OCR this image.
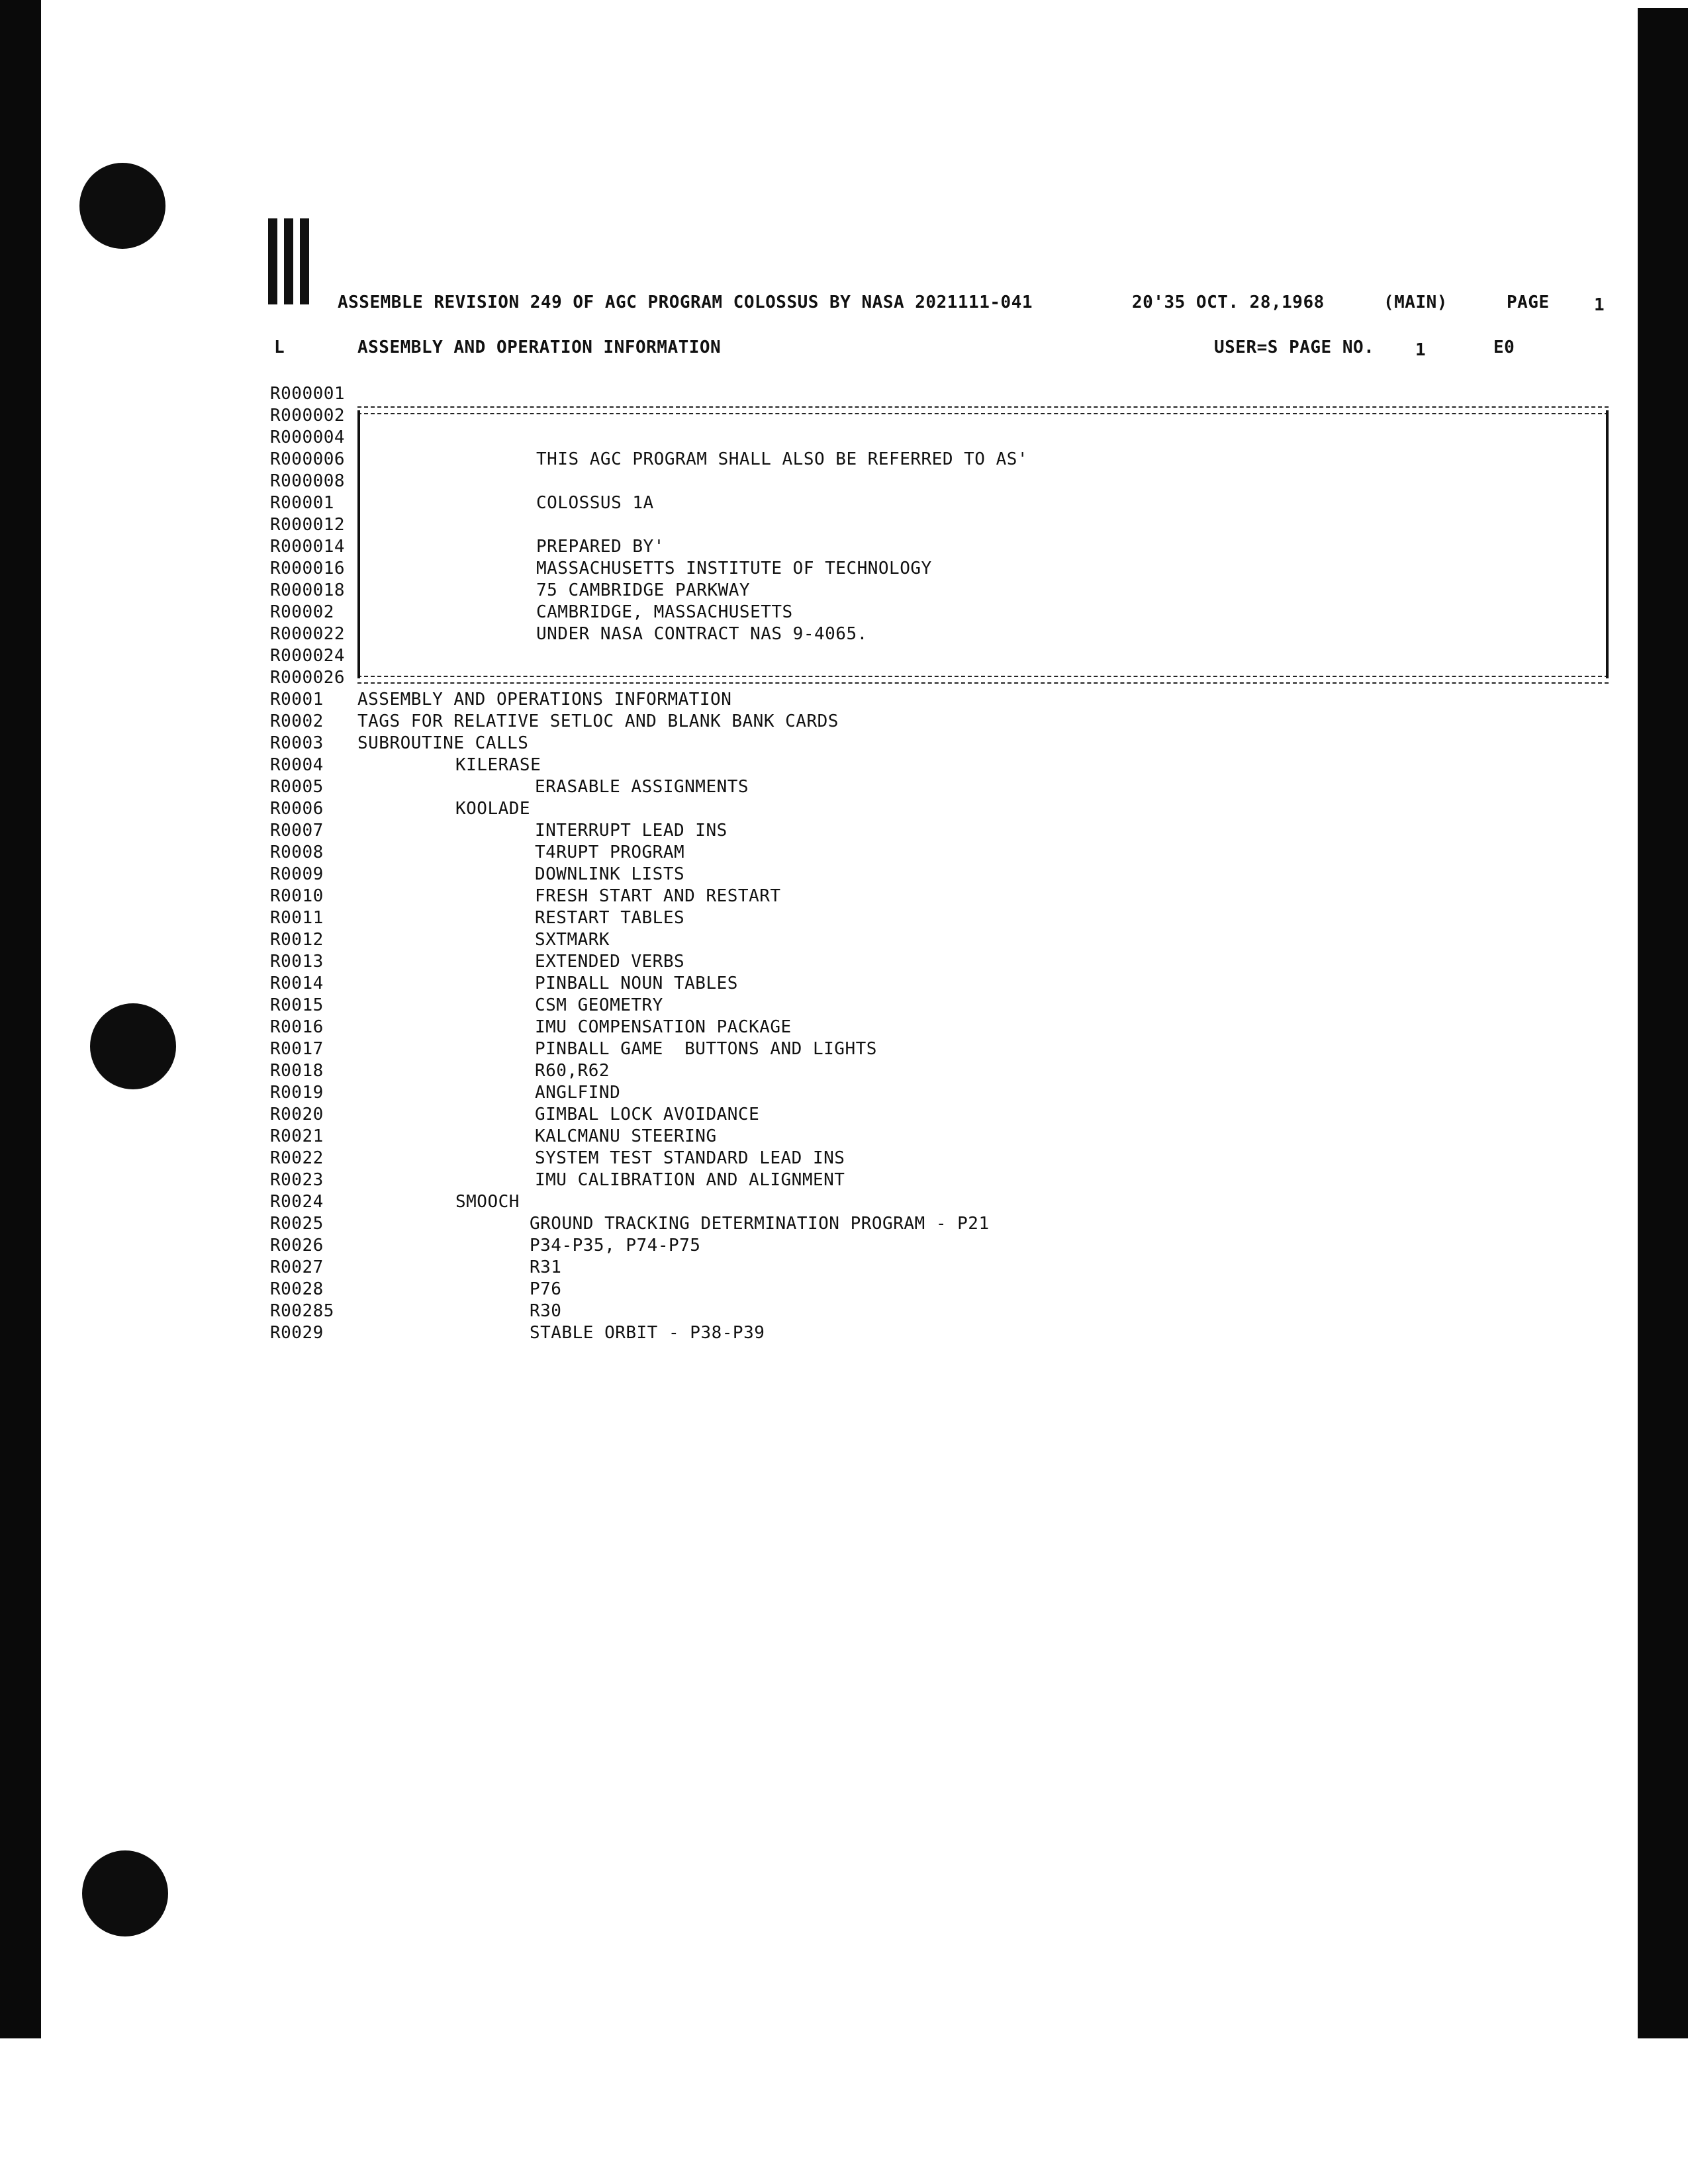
ASSEMBLE REVISION 249 OF AGC PROGRAM COLOSSUS BY NASA 2021111-041	20'35 OCT. 28,1968	(MAIN)	PAGE	1
L	ASSEMBLY AND OPERATION INFORMATION	USER=S PAGE NO. 1	E0
R000001
R000002
R000004
R000006	THIS AGC PROGRAM SHALL ALSO BE REFERRED TO AS'
R000008
R00001	COLOSSUS 1A
R000012
R000014	PREPARED BY'
R000016	MASSACHUSETTS INSTITUTE OF TECHNOLOGY
R000018	75 CAMBRIDGE PARKWAY
R00002	CAMBRIDGE, MASSACHUSETTS
R000022	UNDER NASA CONTRACT NAS 9-4065.
R000024
R000026
R0001 ASSEMBLY AND OPERATIONS INFORMATION
R0002 TAGS FOR RELATIVE SETLOC AND BLANK BANK CARDS
R0003 SUBROUTINE CALLS
R0004	KILERASE
R0005	ERASABLE ASSIGNMENTS
R0006	KOOLADE
R0007	INTERRUPT LEAD INS
R0008	T4RUPT PROGRAM
R0009	DOWNLINK LISTS
R0010	FRESH START AND RESTART
R0011	RESTART TABLES
R0012	SXTMARK
R0013	EXTENDED VERBS
R0014	PINBALL NOUN TABLES
R0015	CSM GEOMETRY
R0016	IMU COMPENSATION PACKAGE
R0017	PINBALL GAME  BUTTONS AND LIGHTS
R0018	R60,R62
R0019	ANGLFIND
R0020	GIMBAL LOCK AVOIDANCE
R0021	KALCMANU STEERING
R0022	SYSTEM TEST STANDARD LEAD INS
R0023	IMU CALIBRATION AND ALIGNMENT
R0024	SMOOCH
R0025	GROUND TRACKING DETERMINATION PROGRAM - P21
R0026	P34-P35, P74-P75
R0027	R31
R0028	P76
R00285	R30
R0029	STABLE ORBIT - P38-P39
